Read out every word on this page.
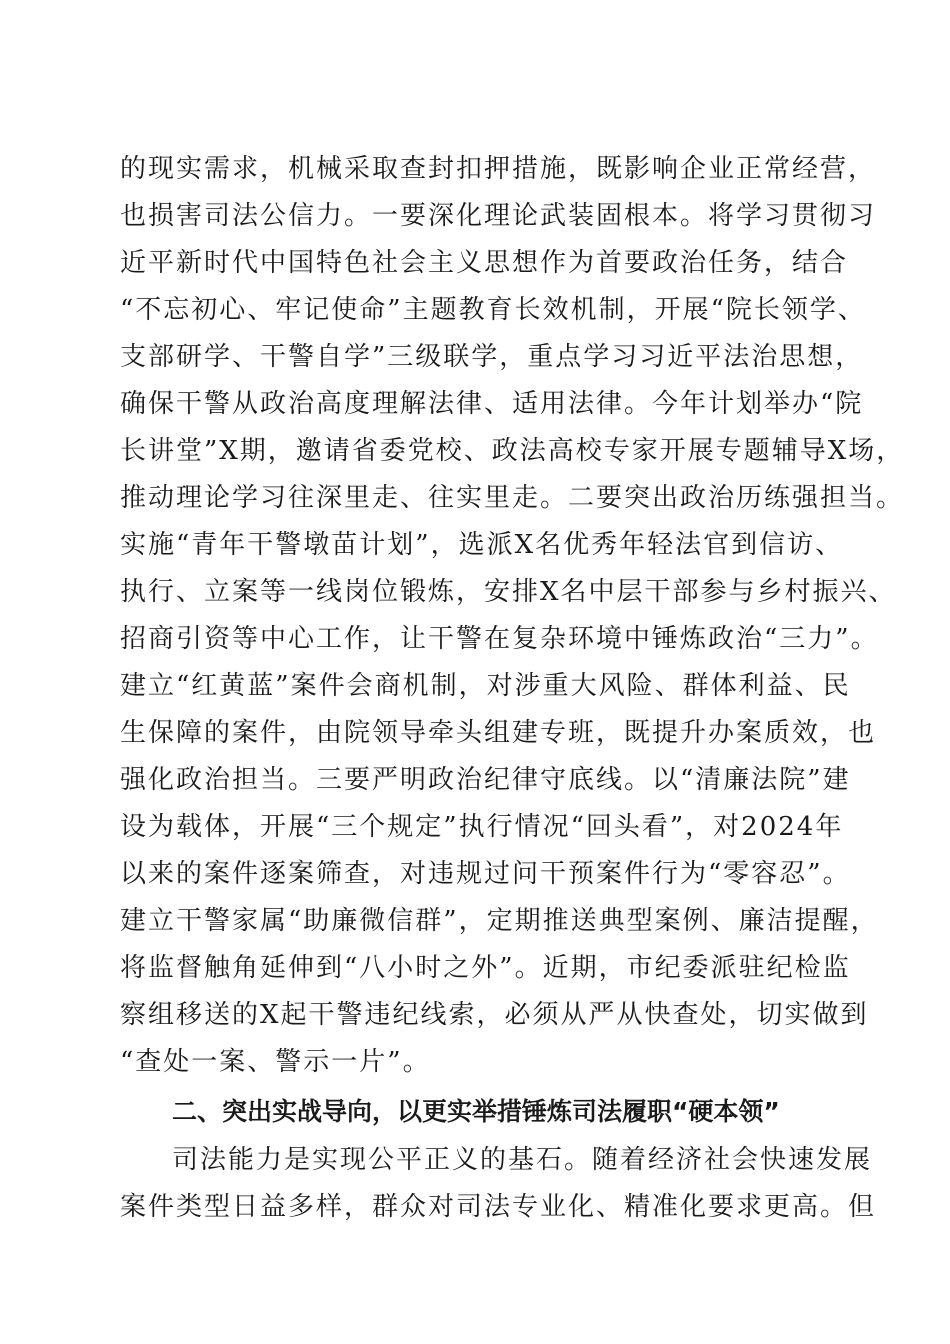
的现实需求，机械采取查封扣押措施，既影响企业正常经营，
也损害司法公信力。一要深化理论武装固根本。将学习贯彻习
近平新时代中国特色社会主义思想作为首要政治任务，结合
“不忘初心、牢记使命”主题教育长效机制，开展“院长领学、
支部研学、干警自学”三级联学，重点学习习近平法治思想，
确保干警从政治高度理解法律、适用法律。今年计划举办“院
长讲堂”X期，邀请省委党校、政法高校专家开展专题辅导X场，
推动理论学习往深里走、往实里走。二要突出政治历练强担当。
实施“青年干警墩苗计划”，选派X名优秀年轻法官到信访、
执行、立案等一线岗位锻炼，安排X名中层干部参与乡村振兴、
招商引资等中心工作，让干警在复杂环境中锤炼政治“三力”。
建立“红黄蓝”案件会商机制，对涉重大风险、群体利益、民
生保障的案件，由院领导牵头组建专班，既提升办案质效，也
强化政治担当。三要严明政治纪律守底线。以“清廉法院”建
设为载体，开展“三个规定”执行情况“回头看”，对2024年
以来的案件逐案筛查，对违规过问干预案件行为“零容忍”。
建立干警家属“助廉微信群”，定期推送典型案例、廉洁提醒，
将监督触角延伸到“八小时之外”。近期，市纪委派驻纪检监
察组移送的X起干警违纪线索，必须从严从快查处，切实做到
“查处一案、警示一片”。
二、突出实战导向，以更实举措锤炼司法履职“硬本领”
司法能力是实现公平正义的基石。随着经济社会快速发展
案件类型日益多样，群众对司法专业化、精准化要求更高。但
